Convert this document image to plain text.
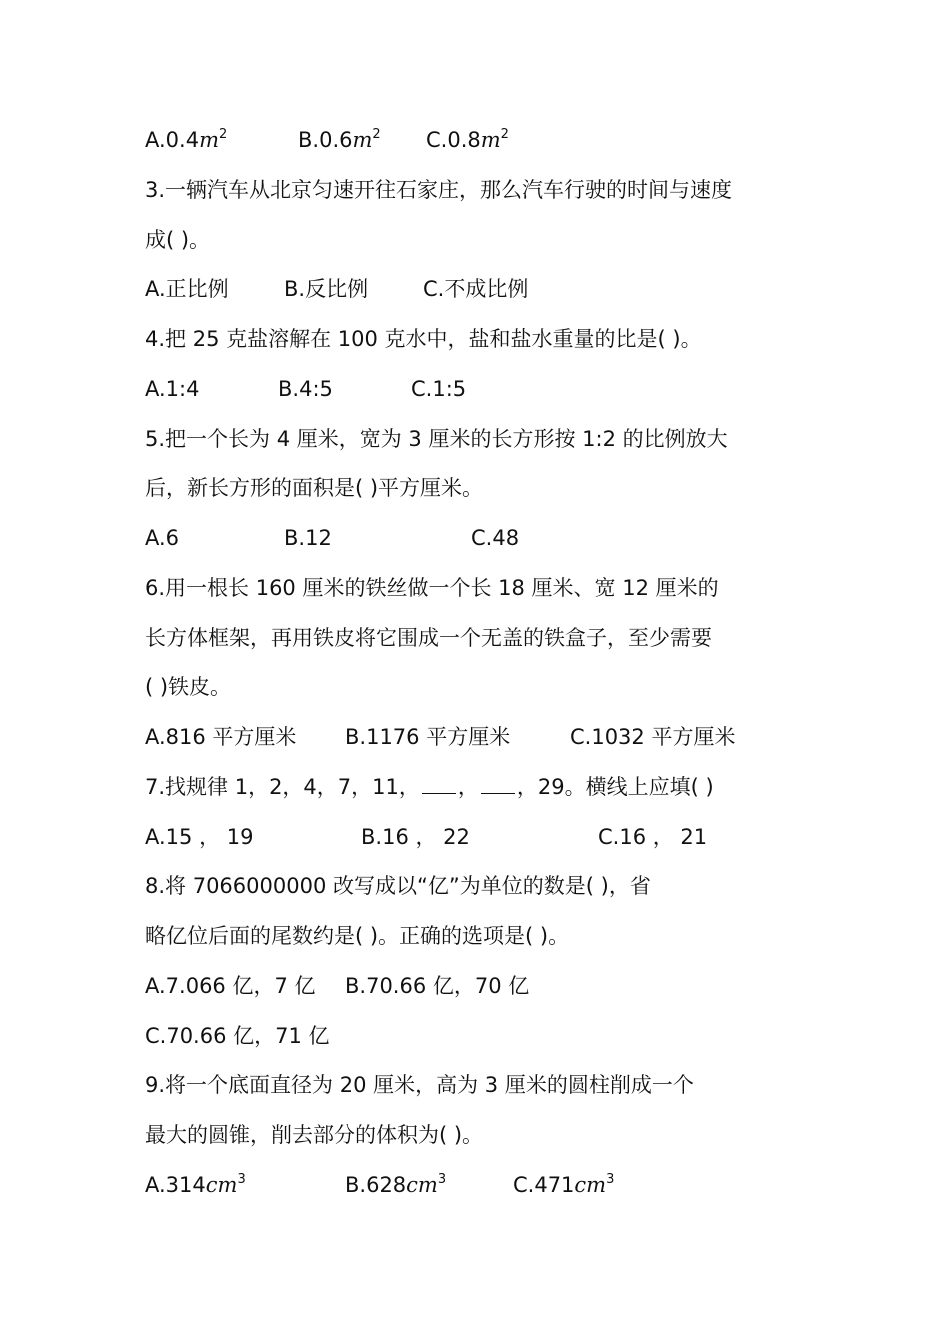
$A.0.4m^2$	$B.0.6m^2$ $C.0.8m^2$
3.一辆汽车从北京匀速开往石家庄，那么汽车行驶的时间与速度
成( )。
A.正比例	B.反比例	C.不成比例
4.把 25 克盐溶解在 100 克水中，盐和盐水重量的比是( )。
A.1:4	B.4:5	C.1:5
5.把一个长为 4 厘米，宽为 3 厘米的长方形按 1:2 的比例放大
后，新长方形的面积是( )平方厘米。
A.6	B.12	C.48
6.用一根长 160 厘米的铁丝做一个长 18 厘米、宽 12 厘米的
长方体框架，再用铁皮将它围成一个无盖的铁盒子，至少需要
( )铁皮。
A.816 平方厘米 B.1176 平方厘米	C.1032 平方厘米
7.找规律 1，2，4，7，11， ， ，29。横线上应填( )
A.15 ， 19	B.16 ， 22	C.16 ， 21
8.将 7066000000 改写成以“亿”为单位的数是( )，省
略亿位后面的尾数约是( )。正确的选项是( )。
A.7.066 亿，7 亿 B.70.66 亿，70 亿
C.70.66 亿，71 亿
9.将一个底面直径为 20 厘米，高为 3 厘米的圆柱削成一个
最大的圆锥，削去部分的体积为( )。
$A.314cm^3$	$B.628cm^3$	$C.471cm^3$
